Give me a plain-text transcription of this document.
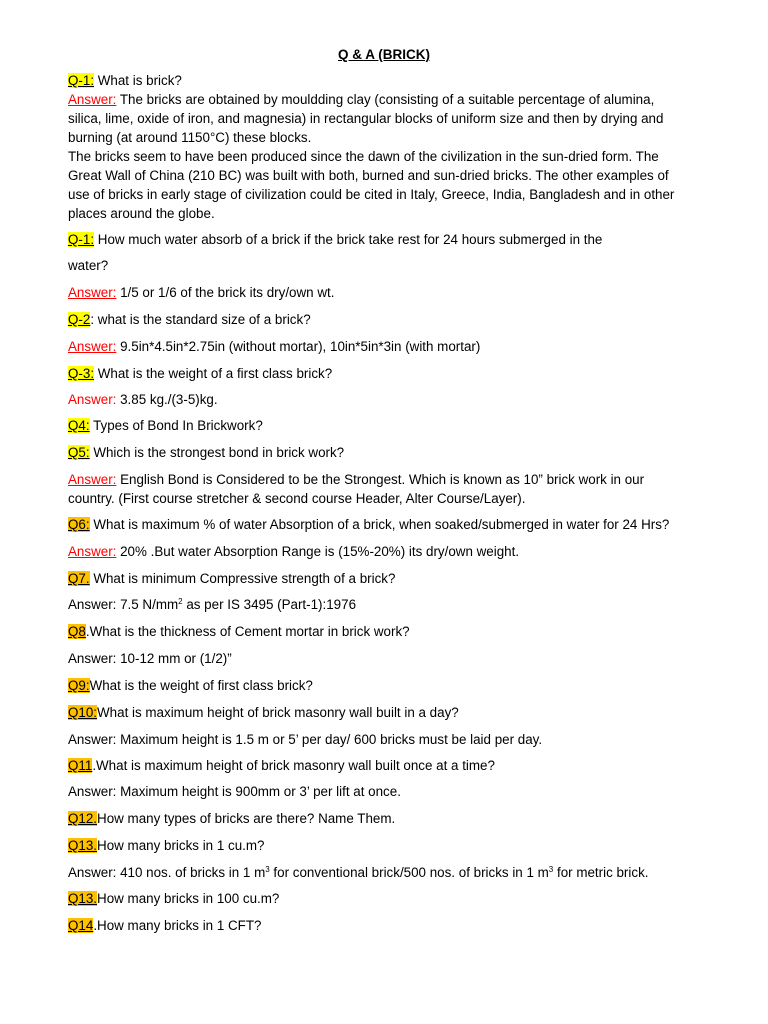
Q & A (BRICK)
Q-1: What is brick?
Answer: The bricks are obtained by mouldding clay (consisting of a suitable percentage of alumina,
silica, lime, oxide of iron, and magnesia) in rectangular blocks of uniform size and then by drying and
burning (at around 1150°C) these blocks.
The bricks seem to have been produced since the dawn of the civilization in the sun-dried form. The
Great Wall of China (210 BC) was built with both, burned and sun-dried bricks. The other examples of
use of bricks in early stage of civilization could be cited in Italy, Greece, India, Bangladesh and in other
places around the globe.
Q-1: How much water absorb of a brick if the brick take rest for 24 hours submerged in the
water?
Answer: 1/5 or 1/6 of the brick its dry/own wt.
Q-2: what is the standard size of a brick?
Answer: 9.5in*4.5in*2.75in (without mortar), 10in*5in*3in (with mortar)
Q-3: What is the weight of a first class brick?
Answer: 3.85 kg./(3-5)kg.
Q4: Types of Bond In Brickwork?
Q5: Which is the strongest bond in brick work?
Answer: English Bond is Considered to be the Strongest. Which is known as 10” brick work in our
country. (First course stretcher & second course Header, Alter Course/Layer).
Q6: What is maximum % of water Absorption of a brick, when soaked/submerged in water for 24 Hrs?
Answer: 20% .But water Absorption Range is (15%-20%) its dry/own weight.
Q7. What is minimum Compressive strength of a brick?
Answer: 7.5 $N/mm^2$ as per IS 3495 (Part-1):1976
Q8.What is the thickness of Cement mortar in brick work?
Answer: 10-12 mm or (1/2)”
Q9:What is the weight of first class brick?
Q10:What is maximum height of brick masonry wall built in a day?
Answer: Maximum height is 1.5 m or 5’ per day/ 600 bricks must be laid per day.
Q11.What is maximum height of brick masonry wall built once at a time?
Answer: Maximum height is 900mm or 3’ per lift at once.
Q12.How many types of bricks are there? Name Them.
Q13.How many bricks in 1 cu.m?
Answer: 410 nos. of bricks in 1 $m^3$ for conventional brick/500 nos. of bricks in 1 $m^3$ for metric brick.
Q13.How many bricks in 100 cu.m?
Q14.How many bricks in 1 CFT?
